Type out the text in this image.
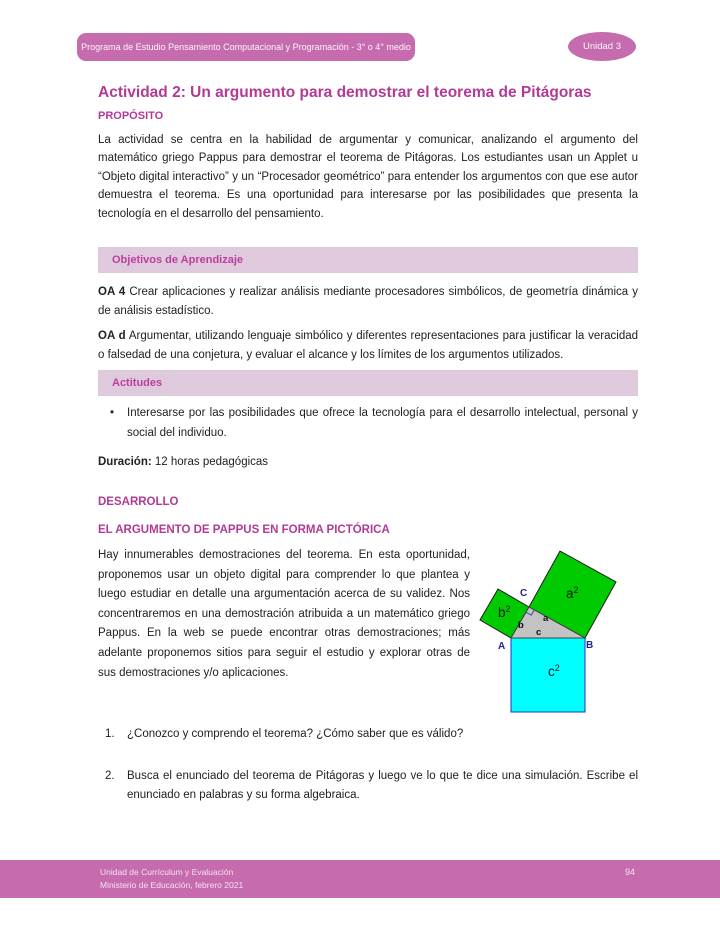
Programa de Estudio Pensamiento Computacional y Programación - 3° o 4° medio	Unidad 3
Actividad 2: Un argumento para demostrar el teorema de Pitágoras
PROPÓSITO

La actividad se centra en la habilidad de argumentar y comunicar, analizando el argumento del matemático griego Pappus para demostrar el teorema de Pitágoras. Los estudiantes usan un Applet u “Objeto digital interactivo” y un “Procesador geométrico” para entender los argumentos con que ese autor demuestra el teorema. Es una oportunidad para interesarse por las posibilidades que presenta la tecnología en el desarrollo del pensamiento.

Objetivos de Aprendizaje

OA 4 Crear aplicaciones y realizar análisis mediante procesadores simbólicos, de geometría dinámica y de análisis estadístico.

OA d Argumentar, utilizando lenguaje simbólico y diferentes representaciones para justificar la veracidad o falsedad de una conjetura, y evaluar el alcance y los límites de los argumentos utilizados.

Actitudes
•	Interesarse por las posibilidades que ofrece la tecnología para el desarrollo intelectual, personal y social del individuo.

Duración: 12 horas pedagógicas

DESARROLLO
EL ARGUMENTO DE PAPPUS EN FORMA PICTÓRICA

Hay innumerables demostraciones del teorema. En esta oportunidad, proponemos usar un objeto digital para comprender lo que plantea y luego estudiar en detalle una argumentación acerca de su validez. Nos concentraremos en una demostración atribuida a un matemático griego Pappus. En la web se puede encontrar otras demostraciones; más adelante proponemos sitios para seguir el estudio y explorar otras de sus demostraciones y/o aplicaciones.

A	B
C
b
a
c
$b^2$
$a^2$
$c^2$
1.	¿Conozco y comprendo el teorema? ¿Cómo saber que es válido?
2.	Busca el enunciado del teorema de Pitágoras y luego ve lo que te dice una simulación. Escribe el enunciado en palabras y su forma algebraica.
Unidad de Currículum y Evaluación
Ministerio de Educación, febrero 2021
94
